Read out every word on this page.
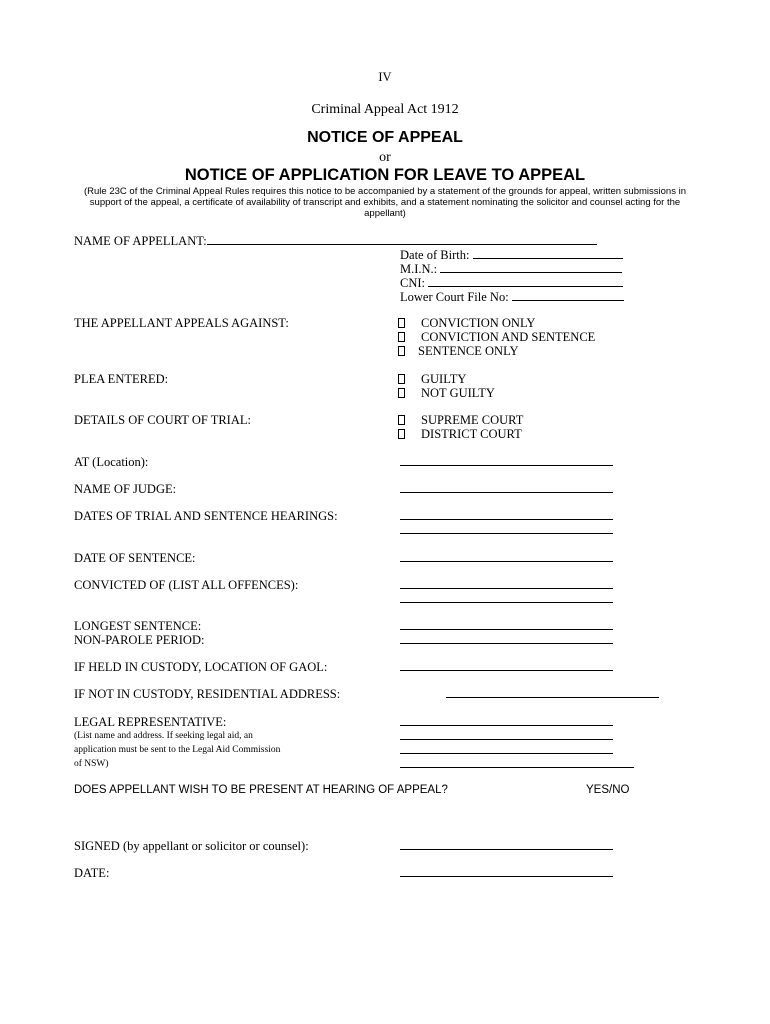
IV
Criminal Appeal Act 1912
NOTICE OF APPEAL
or
NOTICE OF APPLICATION FOR LEAVE TO APPEAL
(Rule 23C of the Criminal Appeal Rules requires this notice to be accompanied by a statement of the grounds for appeal, written submissions in support of the appeal, a certificate of availability of transcript and exhibits, and a statement nominating the solicitor and counsel acting for the appellant)
NAME OF APPELLANT:
Date of Birth:
M.I.N.:
CNI:
Lower Court File No:
THE APPELLANT APPEALS AGAINST:	CONVICTION ONLY
CONVICTION AND SENTENCE
SENTENCE ONLY
PLEA ENTERED:	GUILTY
NOT GUILTY
DETAILS OF COURT OF TRIAL:	SUPREME COURT
DISTRICT COURT
AT (Location):
NAME OF JUDGE:
DATES OF TRIAL AND SENTENCE HEARINGS:
DATE OF SENTENCE:
CONVICTED OF (LIST ALL OFFENCES):
LONGEST SENTENCE:
NON-PAROLE PERIOD:
IF HELD IN CUSTODY, LOCATION OF GAOL:
IF NOT IN CUSTODY, RESIDENTIAL ADDRESS:
LEGAL REPRESENTATIVE:
(List name and address. If seeking legal aid, an
application must be sent to the Legal Aid Commission
of NSW)
DOES APPELLANT WISH TO BE PRESENT AT HEARING OF APPEAL?	YES/NO
SIGNED (by appellant or solicitor or counsel):
DATE:
